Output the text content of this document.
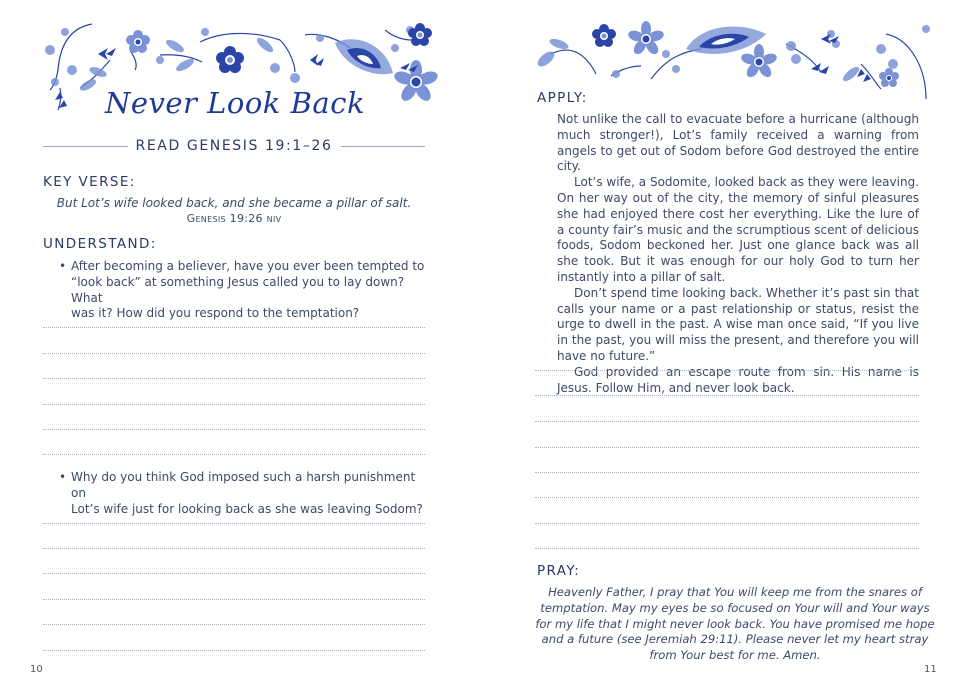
Never Look Back
READ GENESIS 19:1–26
KEY VERSE:
But Lot’s wife looked back, and she became a pillar of salt.
Genesis 19:26 niv
UNDERSTAND:
• After becoming a believer, have you ever been tempted to
“look back” at something Jesus called you to lay down? What
was it? How did you respond to the temptation?
• Why do you think God imposed such a harsh punishment on
Lot’s wife just for looking back as she was leaving Sodom?
10
APPLY:

Not unlike the call to evacuate before a hurricane (although much stronger!), Lot’s family received a warning from angels to get out of Sodom before God destroyed the entire city.

Lot’s wife, a Sodomite, looked back as they were leaving. On her way out of the city, the memory of sinful pleasures she had enjoyed there cost her everything. Like the lure of a county fair’s music and the scrumptious scent of delicious foods, Sodom beckoned her. Just one glance back was all she took. But it was enough for our holy God to turn her instantly into a pillar of salt.

Don’t spend time looking back. Whether it’s past sin that calls your name or a past relationship or status, resist the urge to dwell in the past. A wise man once said, “If you live in the past, you will miss the present, and therefore you will have no future.”

God provided an escape route from sin. His name is Jesus. Follow Him, and never look back.

PRAY:
Heavenly Father, I pray that You will keep me from the snares of temptation. May my eyes be so focused on Your will and Your ways for my life that I might never look back. You have promised me hope and a future (see Jeremiah 29:11). Please never let my heart stray from Your best for me. Amen.
11
